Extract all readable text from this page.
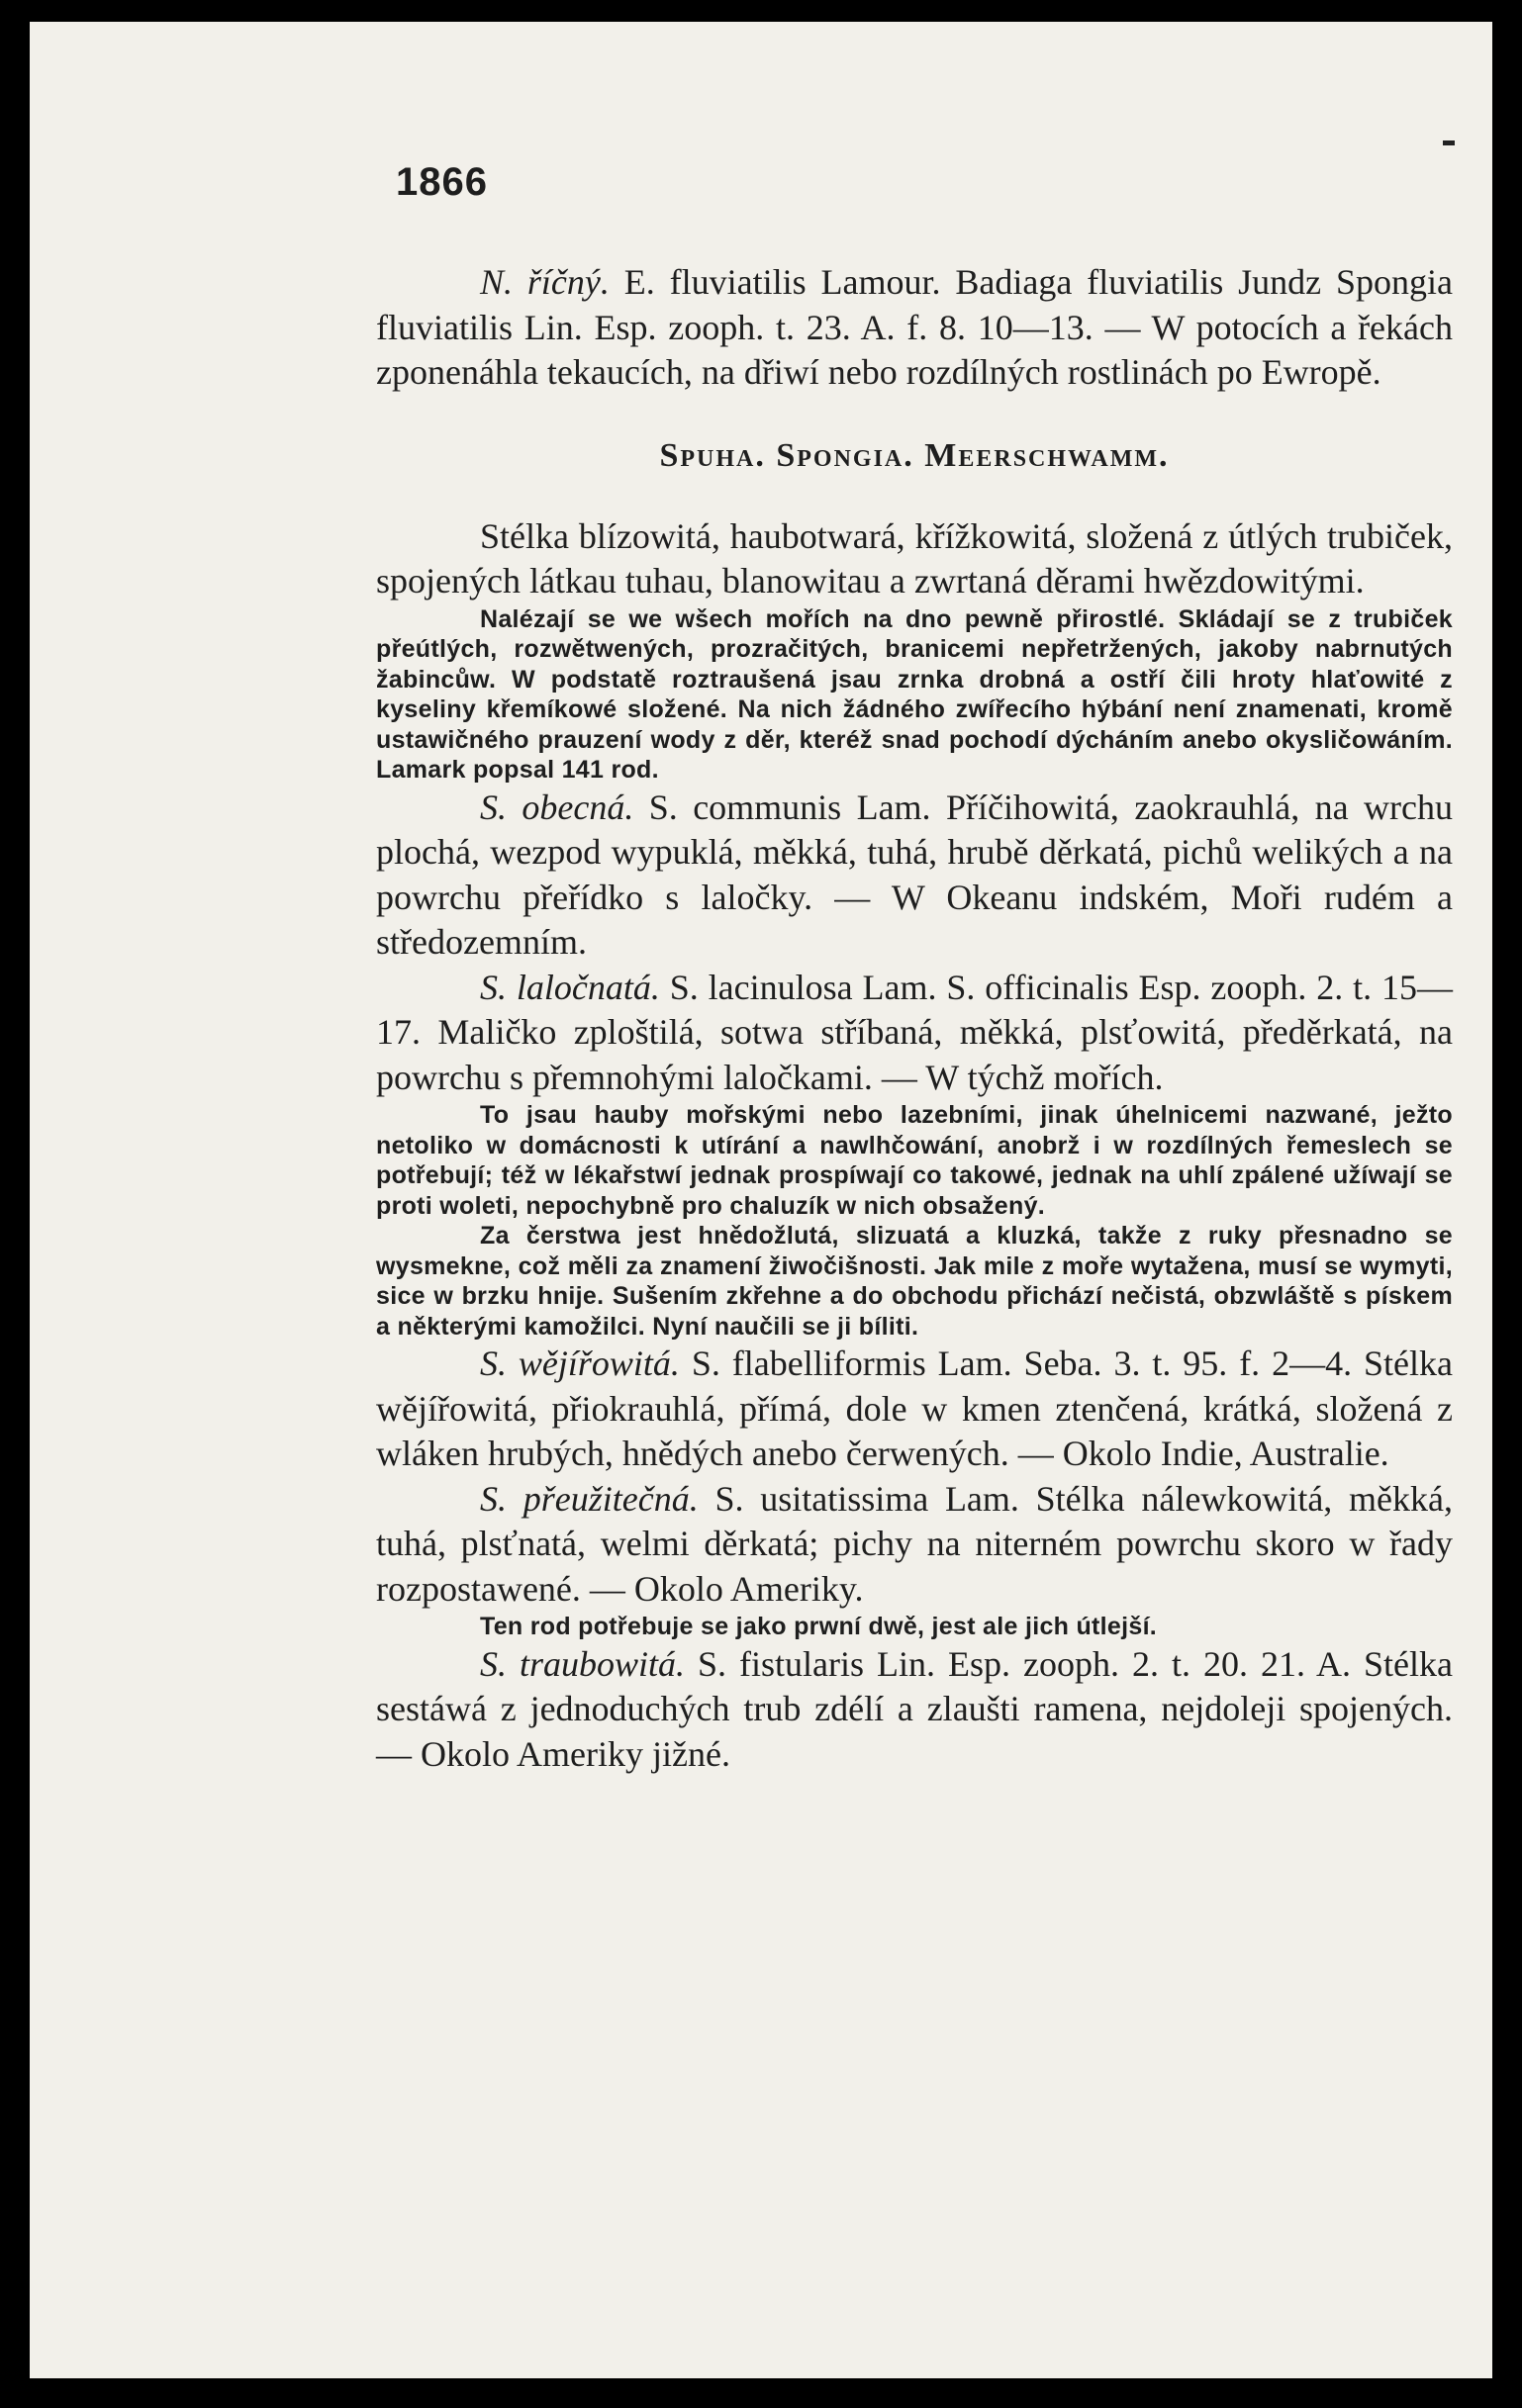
1866

N. říčný. E. fluviatilis Lamour. Badiaga fluviatilis Jundz Spongia fluviatilis Lin. Esp. zooph. t. 23. A. f. 8. 10—13. — W potocích a řekách zponenáhla tekaucích, na dřiwí nebo rozdílných rostlinách po Ewropě.

Spuha. Spongia. Meerschwamm.

Stélka blízowitá, haubotwará, křížkowitá, složená z útlých trubiček, spojených látkau tuhau, blanowitau a zwrtaná děrami hwězdowitými.

Nalézají se we wšech mořích na dno pewně přirostlé. Skládají se z trubiček přeútlých, rozwětwených, prozračitých, branicemi nepřetržených, jakoby nabrnutých žabincůw. W podstatě roztraušená jsau zrnka drobná a ostří čili hroty hlaťowité z kyseliny křemíkowé složené. Na nich žádného zwířecího hýbání není znamenati, kromě ustawičného prauzení wody z děr, kteréž snad pochodí dýcháním anebo okysličowáním. Lamark popsal 141 rod.

S. obecná. S. communis Lam. Příčihowitá, zaokrauhlá, na wrchu plochá, wezpod wypuklá, měkká, tuhá, hrubě děrkatá, pichů welikých a na powrchu přeřídko s laločky. — W Okeanu indském, Moři rudém a středozemním.

S. laločnatá. S. lacinulosa Lam. S. officinalis Esp. zooph. 2. t. 15—17. Maličko zploštilá, sotwa stříbaná, měkká, plsťowitá, předěrkatá, na powrchu s přemnohými laločkami. — W týchž mořích.

To jsau hauby mořskými nebo lazebními, jinak úhelnicemi nazwané, ježto netoliko w domácnosti k utírání a nawlhčowání, anobrž i w rozdílných řemeslech se potřebují; též w lékařstwí jednak prospíwají co takowé, jednak na uhlí zpálené užíwají se proti woleti, nepochybně pro chaluzík w nich obsažený.

Za čerstwa jest hnědožlutá, slizuatá a kluzká, takže z ruky přesnadno se wysmekne, což měli za znamení žiwočišnosti. Jak mile z moře wytažena, musí se wymyti, sice w brzku hnije. Sušením zkřehne a do obchodu přichází nečistá, obzwláště s pískem a některými kamožilci. Nyní naučili se ji bíliti.

S. wějířowitá. S. flabelliformis Lam. Seba. 3. t. 95. f. 2—4. Stélka wějířowitá, přiokrauhlá, přímá, dole w kmen ztenčená, krátká, složená z wláken hrubých, hnědých anebo čerwených. — Okolo Indie, Australie.

S. přeužitečná. S. usitatissima Lam. Stélka nálewkowitá, měkká, tuhá, plsťnatá, welmi děrkatá; pichy na niterném powrchu skoro w řady rozpostawené. — Okolo Ameriky.

Ten rod potřebuje se jako prwní dwě, jest ale jich útlejší.

S. traubowitá. S. fistularis Lin. Esp. zooph. 2. t. 20. 21. A. Stélka sestáwá z jednoduchých trub zdélí a zlaušti ramena, nejdoleji spojených. — Okolo Ameriky jižné.
